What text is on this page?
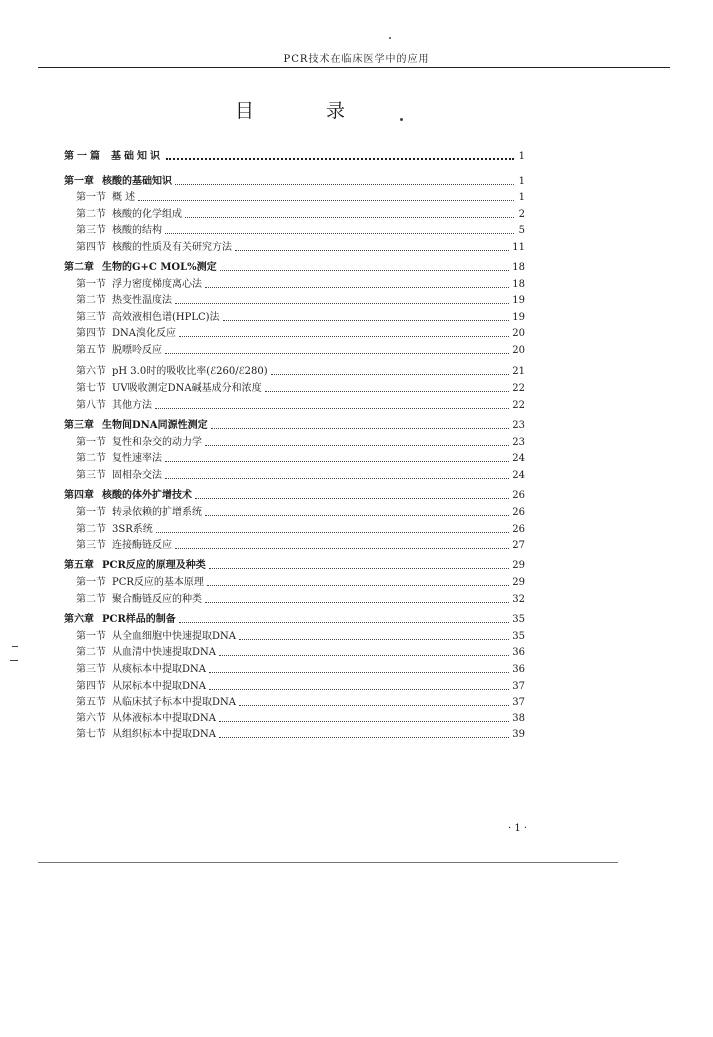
PCR技术在临床医学中的应用
目	录
第一篇 基础知识	1
第一章 核酸的基础知识	1
第一节 概 述	1
第二节 核酸的化学组成	2
第三节 核酸的结构	5
第四节 核酸的性质及有关研究方法	11
第二章 生物的G+C MOL%测定	18
第一节 浮力密度梯度离心法	18
第二节 热变性温度法	19
第三节 高效液相色谱(HPLC)法	19
第四节 DNA溴化反应	20
第五节 脱嘌呤反应	20
第六节 pH 3.0时的吸收比率(ℰ260/ℰ280)	21
第七节 UV吸收测定DNA碱基成分和浓度	22
第八节 其他方法	22
第三章 生物间DNA同源性测定	23
第一节 复性和杂交的动力学	23
第二节 复性速率法	24
第三节 固相杂交法	24
第四章 核酸的体外扩增技术	26
第一节 转录依赖的扩增系统	26
第二节 3SR系统	26
第三节 连接酶链反应	27
第五章 PCR反应的原理及种类	29
第一节 PCR反应的基本原理	29
第二节 聚合酶链反应的种类	32
第六章 PCR样品的制备	35
第一节 从全血细胞中快速提取DNA	35
第二节 从血清中快速提取DNA	36
第三节 从痰标本中提取DNA	36
第四节 从尿标本中提取DNA	37
第五节 从临床拭子标本中提取DNA	37
第六节 从体液标本中提取DNA	38
第七节 从组织标本中提取DNA	39
· 1 ·
